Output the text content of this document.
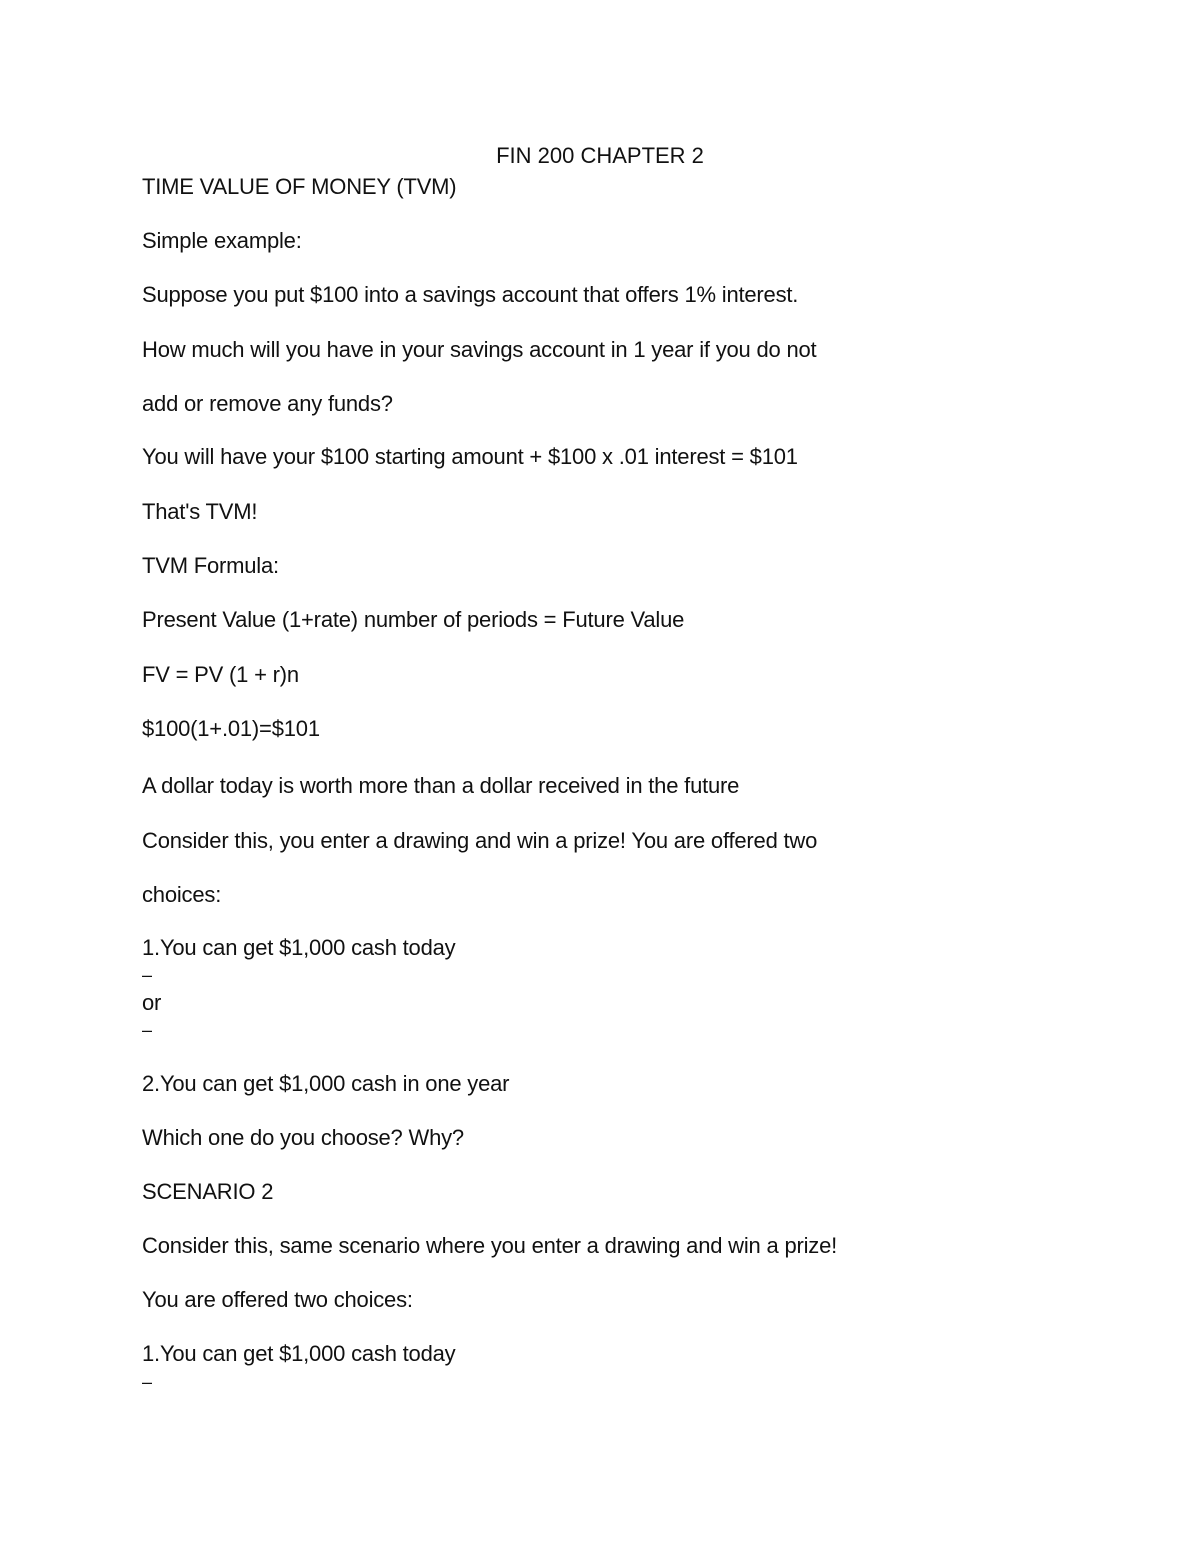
FIN 200 CHAPTER 2
TIME VALUE OF MONEY (TVM)
Simple example:
Suppose you put $100 into a savings account that offers 1% interest.
How much will you have in your savings account in 1 year if you do not
add or remove any funds?
You will have your $100 starting amount + $100 x .01 interest = $101
That's TVM!
TVM Formula:
Present Value (1+rate) number of periods = Future Value
FV = PV (1 + r)n
$100(1+.01)=$101
A dollar today is worth more than a dollar received in the future
Consider this, you enter a drawing and win a prize! You are offered two
choices:
1.You can get $1,000 cash today
–
or
–
2.You can get $1,000 cash in one year
Which one do you choose? Why?
SCENARIO 2
Consider this, same scenario where you enter a drawing and win a prize!
You are offered two choices:
1.You can get $1,000 cash today
–
